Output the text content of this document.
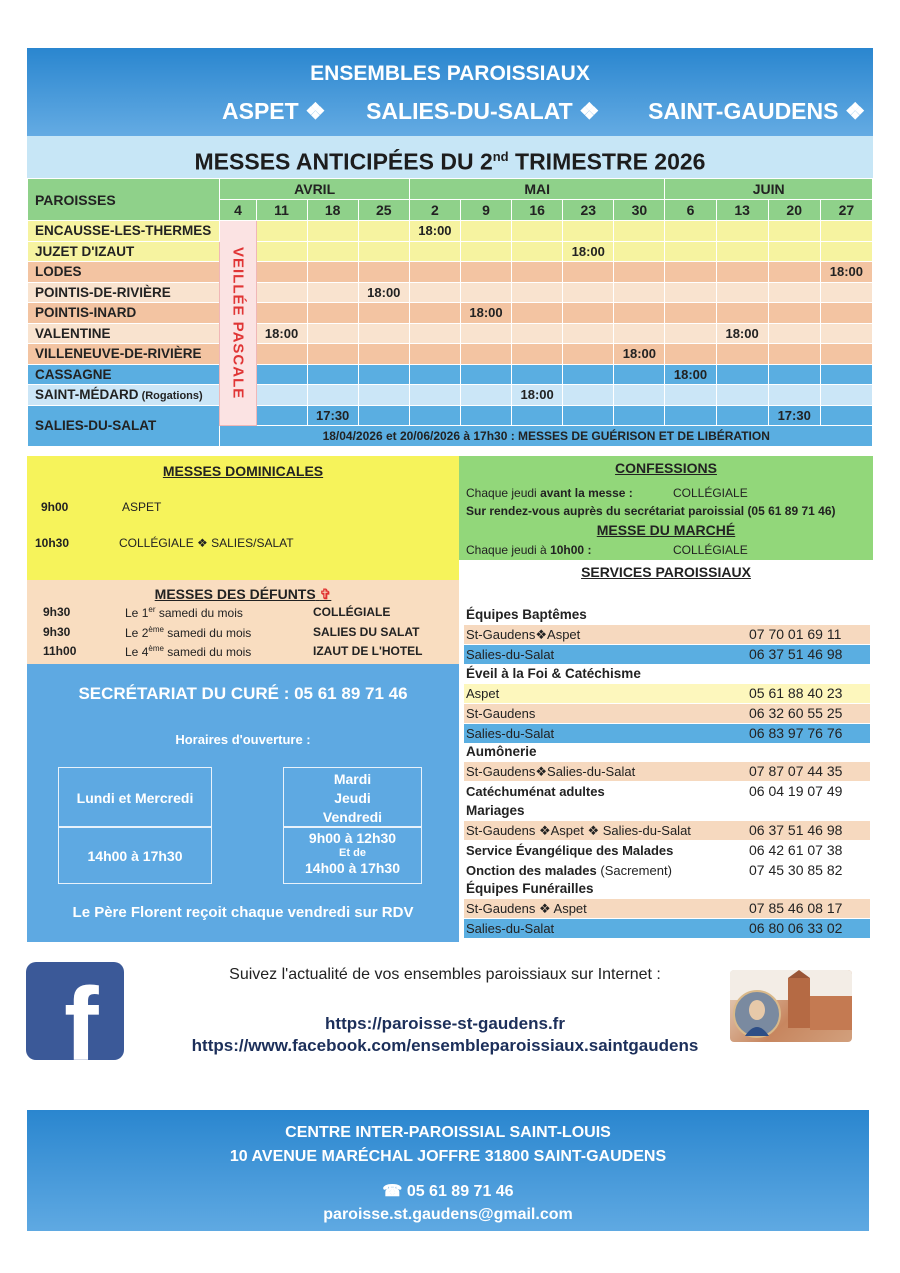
ENSEMBLES PAROISSIAUX
ASPET ❖ SALIES-DU-SALAT ❖ SAINT-GAUDENS ❖
MESSES ANTICIPÉES DU 2nd TRIMESTRE 2026
PAROISSES	AVRIL				MAI					JUIN			
	4	11	18	25	2	9	16	23	30	6	13	20	27
ENCAUSSE-LES-THERMES	VEILLÉE PASCALE				18:00								
JUZET D'IZAUT								18:00					
LODES													18:00
POINTIS-DE-RIVIÈRE				18:00									
POINTIS-INARD						18:00							
VALENTINE		18:00									18:00		
VILLENEUVE-DE-RIVIÈRE									18:00				
CASSAGNE										18:00			
SAINT-MÉDARD (Rogations)							18:00						
SALIES-DU-SALAT			17:30									17:30	
	18/04/2026 et 20/06/2026 à 17h30 : MESSES DE GUÉRISON ET DE LIBÉRATION												
MESSES DOMINICALES
9h00	ASPET
10h30	COLLÉGIALE ❖ SALIES/SALAT
CONFESSIONS
Chaque jeudi avant la messe :	COLLÉGIALE
Sur rendez-vous auprès du secrétariat paroissial (05 61 89 71 46)
MESSE DU MARCHÉ
Chaque jeudi à 10h00 :	COLLÉGIALE
MESSES DES DÉFUNTS ✞
9h30	Le 1er samedi du mois	COLLÉGIALE
9h30	Le 2ème samedi du mois	SALIES DU SALAT
11h00	Le 4ème samedi du mois	IZAUT DE L'HOTEL
SECRÉTARIAT DU CURÉ : 05 61 89 71 46
Horaires d'ouverture :
Lundi et Mercredi
14h00 à 17h30
Mardi
Jeudi
Vendredi
9h00 à 12h30
Et de
14h00 à 17h30
Le Père Florent reçoit chaque vendredi sur RDV
SERVICES PAROISSIAUX
Équipes Baptêmes
St-Gaudens❖Aspet	07 70 01 69 11
Salies-du-Salat	06 37 51 46 98
Éveil à la Foi & Catéchisme
Aspet	05 61 88 40 23
St-Gaudens	06 32 60 55 25
Salies-du-Salat	06 83 97 76 76
Aumônerie
St-Gaudens❖Salies-du-Salat	07 87 07 44 35
Catéchuménat adultes	06 04 19 07 49
Mariages
St-Gaudens ❖Aspet ❖ Salies-du-Salat	06 37 51 46 98
Service Évangélique des Malades	06 42 61 07 38
Onction des malades (Sacrement)	07 45 30 85 82
Équipes Funérailles
St-Gaudens ❖ Aspet	07 85 46 08 17
Salies-du-Salat	06 80 06 33 02
f	Suivez l'actualité de vos ensembles paroissiaux sur Internet :
https://paroisse-st-gaudens.fr
https://www.facebook.com/ensembleparoissiaux.saintgaudens
CENTRE INTER-PAROISSIAL SAINT-LOUIS
10 AVENUE MARÉCHAL JOFFRE 31800 SAINT-GAUDENS
☎ 05 61 89 71 46
paroisse.st.gaudens@gmail.com
